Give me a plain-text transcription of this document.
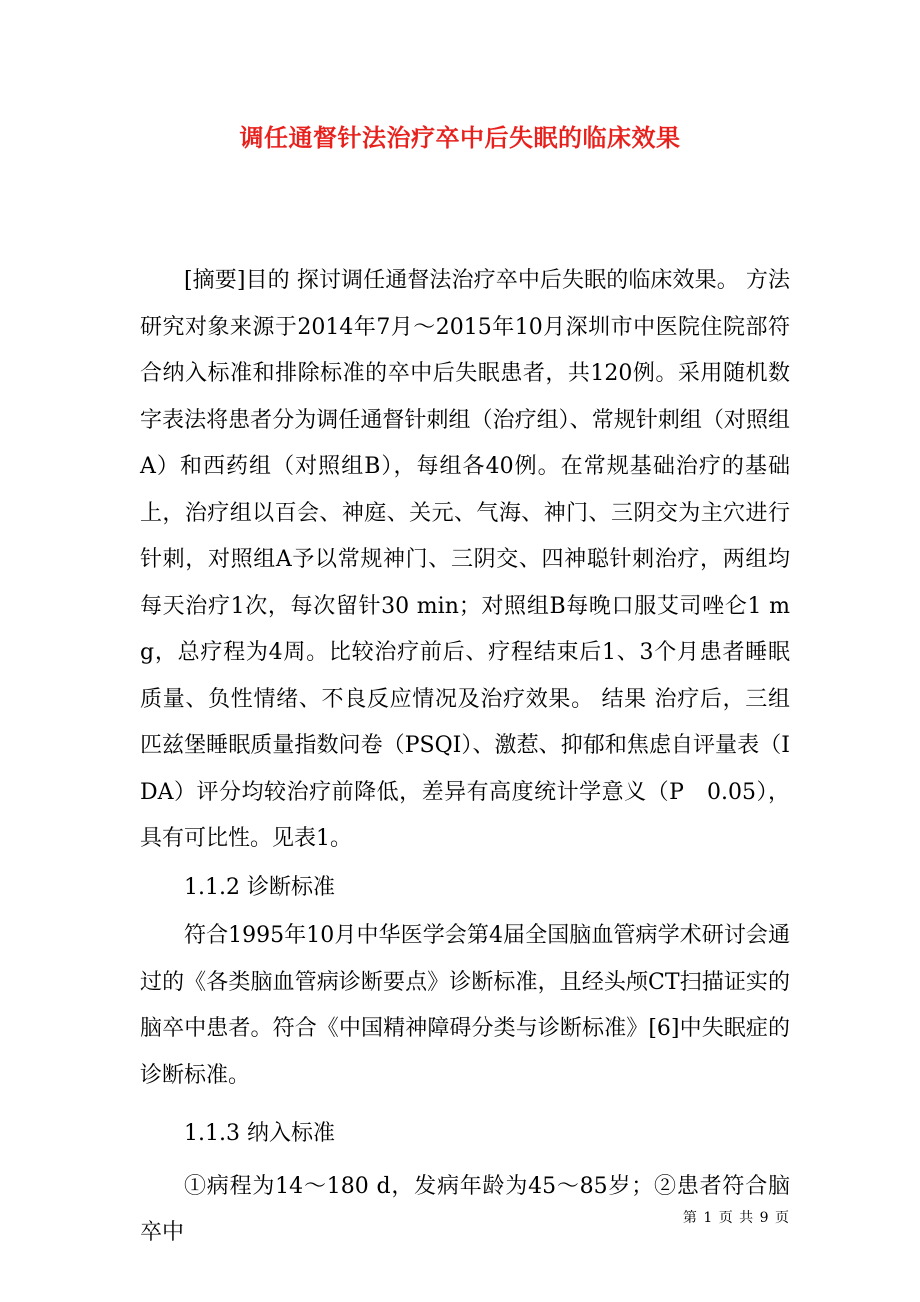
调任通督针法治疗卒中后失眠的临床效果

[摘要]目的 探讨调任通督法治疗卒中后失眠的临床效果。 方法 研究对象来源于2014年7月～2015年10月深圳市中医院住院部符合纳入标准和排除标准的卒中后失眠患者，共120例。采用随机数字表法将患者分为调任通督针刺组（治疗组）、常规针刺组（对照组A）和西药组（对照组B），每组各40例。在常规基础治疗的基础上，治疗组以百会、神庭、关元、气海、神门、三阴交为主穴进行针刺，对照组A予以常规神门、三阴交、四神聪针刺治疗，两组均每天治疗1次，每次留针30 min；对照组B每晚口服艾司唑仑1 mg，总疗程为4周。比较治疗前后、疗程结束后1、3个月患者睡眠质量、负性情绪、不良反应情况及治疗效果。 结果 治疗后，三组匹兹堡睡眠质量指数问卷（PSQI）、激惹、抑郁和焦虑自评量表（IDA）评分均较治疗前降低，差异有高度统计学意义（P　0.05），具有可比性。见表1。

1.1.2 诊断标准

符合1995年10月中华医学会第4届全国脑血管病学术研讨会通过的《各类脑血管病诊断要点》诊断标准，且经头颅CT扫描证实的脑卒中患者。符合《中国精神障碍分类与诊断标准》[6]中失眠症的诊断标准。

1.1.3 纳入标准

①病程为14～180 d，发病年龄为45～85岁；②患者符合脑卒中

第 1 页 共 9 页
